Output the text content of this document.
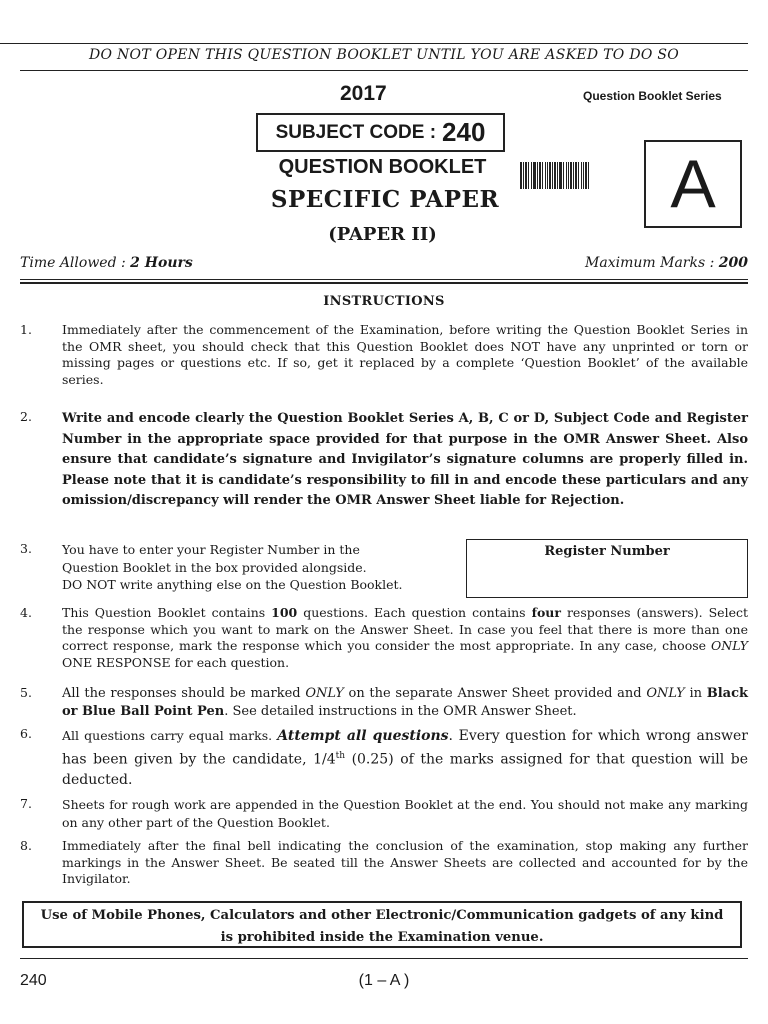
DO NOT OPEN THIS QUESTION BOOKLET UNTIL YOU ARE ASKED TO DO SO
2017	Question Booklet Series
SUBJECT CODE : 240
QUESTION BOOKLET
SPECIFIC PAPER
(PAPER II)
A
Time Allowed : 2 Hours	Maximum Marks : 200
INSTRUCTIONS
1.	Immediately after the commencement of the Examination, before writing the Question Booklet Series in the OMR sheet, you should check that this Question Booklet does NOT have any unprinted or torn or missing pages or questions etc. If so, get it replaced by a complete ‘Question Booklet’ of the available series.
2.	Write and encode clearly the Question Booklet Series A, B, C or D, Subject Code and Register Number in the appropriate space provided for that purpose in the OMR Answer Sheet. Also ensure that candidate’s signature and Invigilator’s signature columns are properly filled in. Please note that it is candidate’s responsibility to fill in and encode these particulars and any omission/discrepancy will render the OMR Answer Sheet liable for Rejection.
3.	You have to enter your Register Number in the
Question Booklet in the box provided alongside.
DO NOT write anything else on the Question Booklet.
Register Number
4.	This Question Booklet contains 100 questions. Each question contains four responses (answers). Select the response which you want to mark on the Answer Sheet. In case you feel that there is more than one correct response, mark the response which you consider the most appropriate. In any case, choose ONLY ONE RESPONSE for each question.
5.	All the responses should be marked ONLY on the separate Answer Sheet provided and ONLY in Black or Blue Ball Point Pen. See detailed instructions in the OMR Answer Sheet.
6.	All questions carry equal marks. Attempt all questions. Every question for which wrong answer has been given by the candidate, 1/4th (0.25) of the marks assigned for that question will be deducted.
7.	Sheets for rough work are appended in the Question Booklet at the end. You should not make any marking on any other part of the Question Booklet.
8.	Immediately after the final bell indicating the conclusion of the examination, stop making any further markings in the Answer Sheet. Be seated till the Answer Sheets are collected and accounted for by the Invigilator.
Use of Mobile Phones, Calculators and other Electronic/Communication gadgets of any kind
is prohibited inside the Examination venue.
240	(1 – A )
